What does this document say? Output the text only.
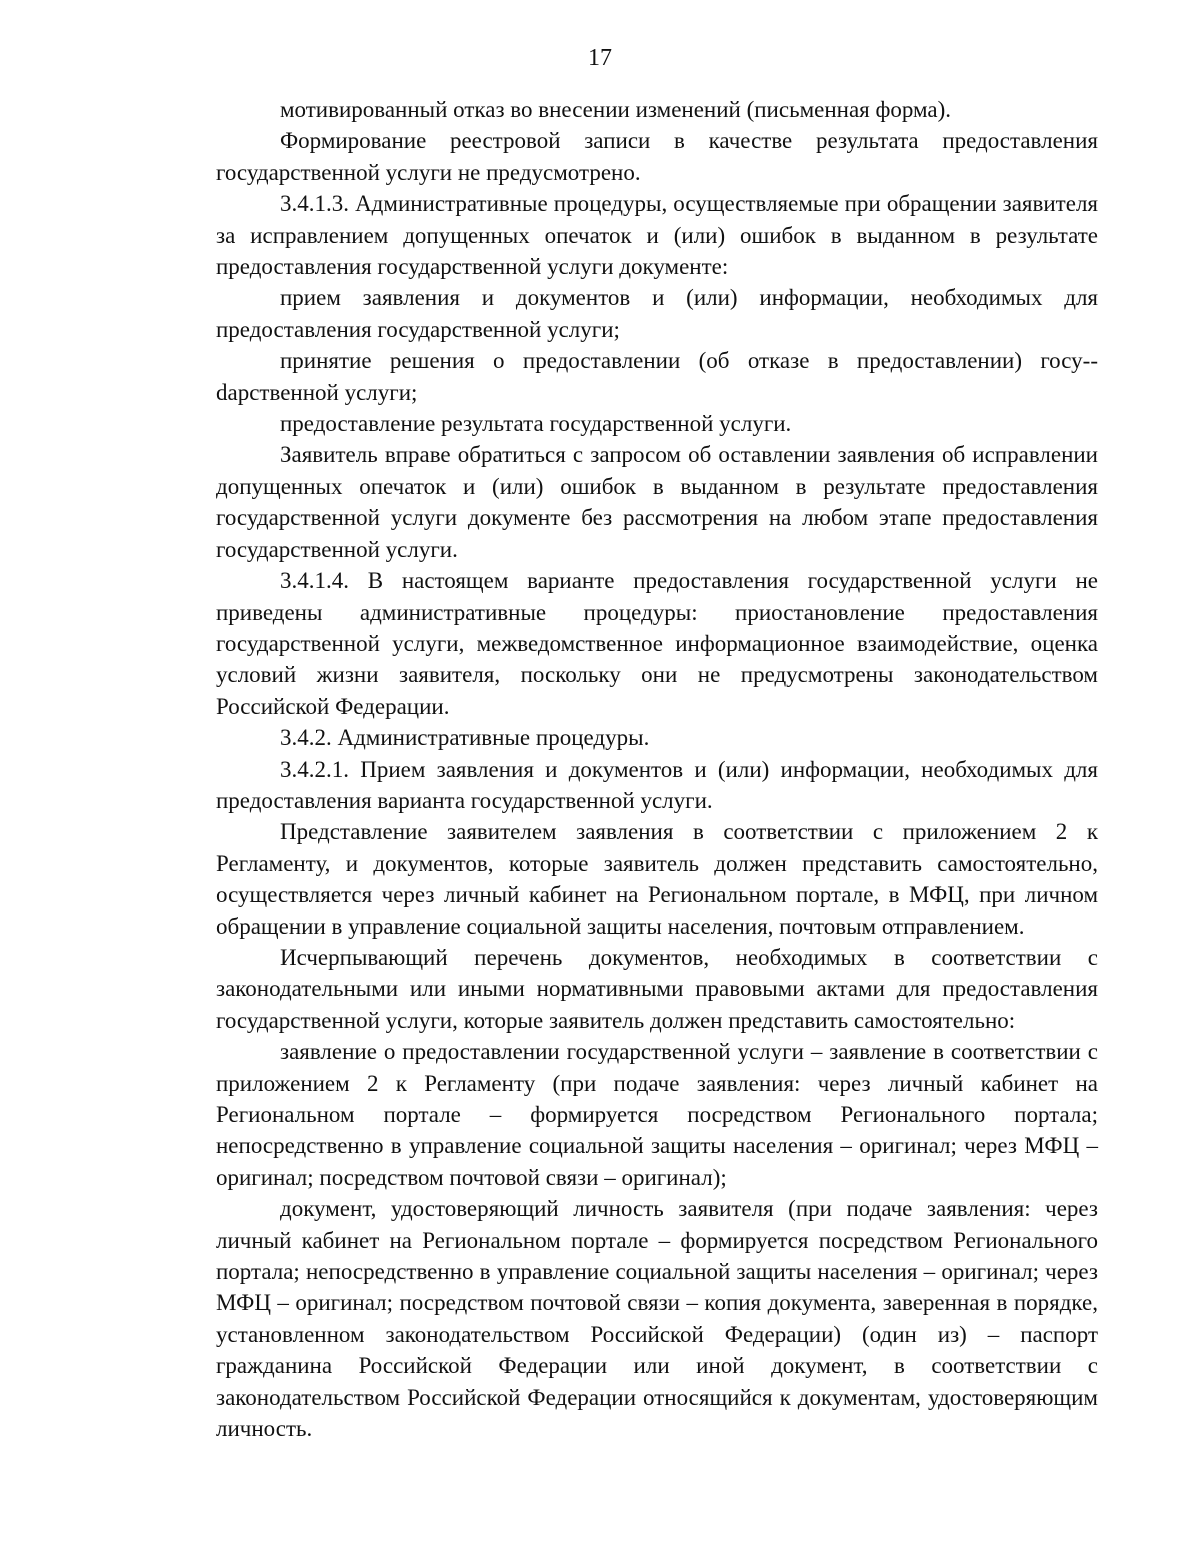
17

мотивированный отказ во внесении изменений (письменная форма).

Формирование реестровой записи в качестве результата предоставления государственной услуги не предусмотрено.

3.4.1.3. Административные процедуры, осуществляемые при обращении заявителя за исправлением допущенных опечаток и (или) ошибок в выданном в результате предоставления государственной услуги документе:

прием заявления и документов и (или) информации, необходимых для предоставления государственной услуги;

принятие решения о предоставлении (об отказе в предоставлении) госу-dарственной услуги;

предоставление результата государственной услуги.

Заявитель вправе обратиться с запросом об оставлении заявления об исправлении допущенных опечаток и (или) ошибок в выданном в результате предоставления государственной услуги документе без рассмотрения на любом этапе предоставления государственной услуги.

3.4.1.4. В настоящем варианте предоставления государственной услуги не приведены административные процедуры: приостановление предоставления государственной услуги, межведомственное информационное взаимодействие, оценка условий жизни заявителя, поскольку они не предусмотрены законодательством Российской Федерации.

3.4.2. Административные процедуры.

3.4.2.1. Прием заявления и документов и (или) информации, необходимых для предоставления варианта государственной услуги.

Представление заявителем заявления в соответствии с приложением 2 к Регламенту, и документов, которые заявитель должен представить самостоятельно, осуществляется через личный кабинет на Региональном портале, в МФЦ, при личном обращении в управление социальной защиты населения, почтовым отправлением.

Исчерпывающий перечень документов, необходимых в соответствии с законодательными или иными нормативными правовыми актами для предоставления государственной услуги, которые заявитель должен представить самостоятельно:

заявление о предоставлении государственной услуги – заявление в соответствии с приложением 2 к Регламенту (при подаче заявления: через личный кабинет на Региональном портале – формируется посредством Регионального портала; непосредственно в управление социальной защиты населения – оригинал; через МФЦ – оригинал; посредством почтовой связи – оригинал);

документ, удостоверяющий личность заявителя (при подаче заявления: через личный кабинет на Региональном портале – формируется посредством Регионального портала; непосредственно в управление социальной защиты населения – оригинал; через МФЦ – оригинал; посредством почтовой связи – копия документа, заверенная в порядке, установленном законодательством Российской Федерации) (один из) – паспорт гражданина Российской Федерации или иной документ, в соответствии с законодательством Российской Федерации относящийся к документам, удостоверяющим личность.
